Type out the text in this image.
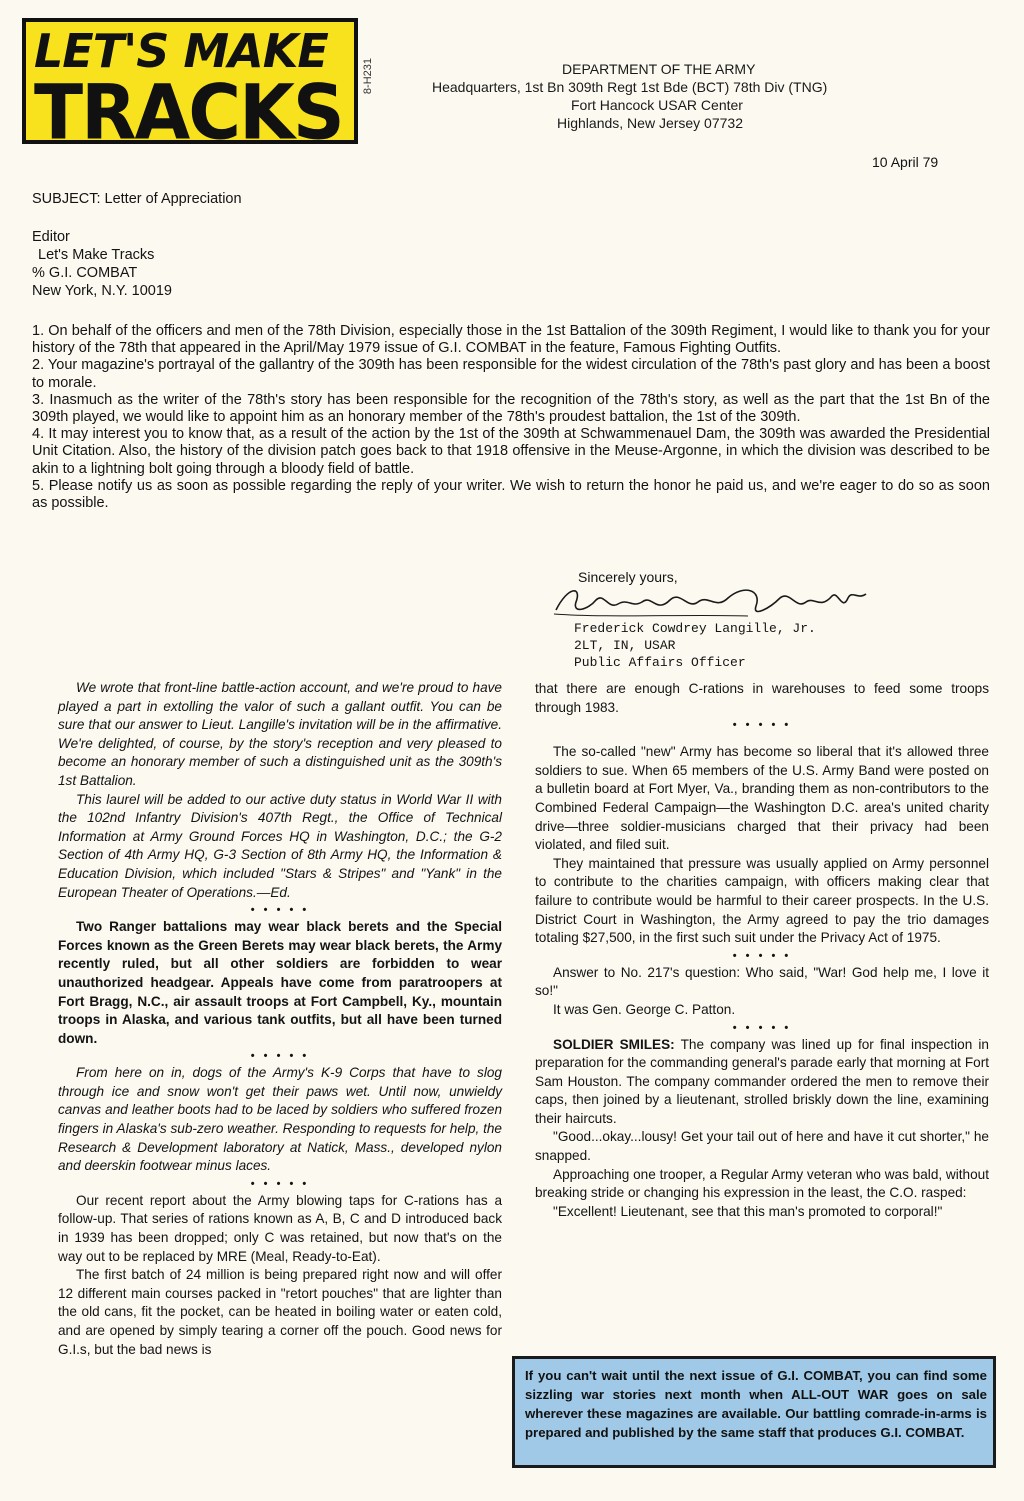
LET'S MAKE
TRACKS 8-H231	DEPARTMENT OF THE ARMY
Headquarters, 1st Bn 309th Regt 1st Bde (BCT) 78th Div (TNG)
Fort Hancock USAR Center
Highlands, New Jersey 07732
10 April 79
SUBJECT: Letter of Appreciation
Editor
Let's Make Tracks
% G.I. COMBAT
New York, N.Y. 10019

1. On behalf of the officers and men of the 78th Division, especially those in the 1st Battalion of the 309th Regiment, I would like to thank you for your history of the 78th that appeared in the April/May 1979 issue of G.I. COMBAT in the feature, Famous Fighting Outfits.

2. Your magazine's portrayal of the gallantry of the 309th has been responsible for the widest circulation of the 78th's past glory and has been a boost to morale.

3. Inasmuch as the writer of the 78th's story has been responsible for the recognition of the 78th's story, as well as the part that the 1st Bn of the 309th played, we would like to appoint him as an honorary member of the 78th's proudest battalion, the 1st of the 309th.

4. It may interest you to know that, as a result of the action by the 1st of the 309th at Schwammenauel Dam, the 309th was awarded the Presidential Unit Citation. Also, the history of the division patch goes back to that 1918 offensive in the Meuse-Argonne, in which the division was described to be akin to a lightning bolt going through a bloody field of battle.

5. Please notify us as soon as possible regarding the reply of your writer. We wish to return the honor he paid us, and we're eager to do so as soon as possible.

Sincerely yours,
Frederick Cowdrey Langille, Jr.
2LT, IN, USAR
Public Affairs Officer

We wrote that front-line battle-action account, and we're proud to have played a part in extolling the valor of such a gallant outfit. You can be sure that our answer to Lieut. Langille's invitation will be in the affirmative. We're delighted, of course, by the story's reception and very pleased to become an honorary member of such a distinguished unit as the 309th's 1st Battalion.

This laurel will be added to our active duty status in World War II with the 102nd Infantry Division's 407th Regt., the Office of Technical Information at Army Ground Forces HQ in Washington, D.C.; the G-2 Section of 4th Army HQ, G-3 Section of 8th Army HQ, the Information & Education Division, which included "Stars & Stripes" and "Yank" in the European Theater of Operations.—Ed.

• • • • •

Two Ranger battalions may wear black berets and the Special Forces known as the Green Berets may wear black berets, the Army recently ruled, but all other soldiers are forbidden to wear unauthorized headgear. Appeals have come from paratroopers at Fort Bragg, N.C., air assault troops at Fort Campbell, Ky., mountain troops in Alaska, and various tank outfits, but all have been turned down.

• • • • •

From here on in, dogs of the Army's K-9 Corps that have to slog through ice and snow won't get their paws wet. Until now, unwieldy canvas and leather boots had to be laced by soldiers who suffered frozen fingers in Alaska's sub-zero weather. Responding to requests for help, the Research & Development laboratory at Natick, Mass., developed nylon and deerskin footwear minus laces.

• • • • •

Our recent report about the Army blowing taps for C-rations has a follow-up. That series of rations known as A, B, C and D introduced back in 1939 has been dropped; only C was retained, but now that's on the way out to be replaced by MRE (Meal, Ready-to-Eat).

The first batch of 24 million is being prepared right now and will offer 12 different main courses packed in "retort pouches" that are lighter than the old cans, fit the pocket, can be heated in boiling water or eaten cold, and are opened by simply tearing a corner off the pouch. Good news for G.I.s, but the bad news is

that there are enough C-rations in warehouses to feed some troops through 1983.

• • • • •

The so-called "new" Army has become so liberal that it's allowed three soldiers to sue. When 65 members of the U.S. Army Band were posted on a bulletin board at Fort Myer, Va., branding them as non-contributors to the Combined Federal Campaign—the Washington D.C. area's united charity drive—three soldier-musicians charged that their privacy had been violated, and filed suit.

They maintained that pressure was usually applied on Army personnel to contribute to the charities campaign, with officers making clear that failure to contribute would be harmful to their career prospects. In the U.S. District Court in Washington, the Army agreed to pay the trio damages totaling $27,500, in the first such suit under the Privacy Act of 1975.

• • • • •

Answer to No. 217's question: Who said, "War! God help me, I love it so!"

It was Gen. George C. Patton.

• • • • •

SOLDIER SMILES: The company was lined up for final inspection in preparation for the commanding general's parade early that morning at Fort Sam Houston. The company commander ordered the men to remove their caps, then joined by a lieutenant, strolled briskly down the line, examining their haircuts.

"Good...okay...lousy! Get your tail out of here and have it cut shorter," he snapped.

Approaching one trooper, a Regular Army veteran who was bald, without breaking stride or changing his expression in the least, the C.O. rasped:

"Excellent! Lieutenant, see that this man's promoted to corporal!"

If you can't wait until the next issue of G.I. COMBAT, you can find some sizzling war stories next month when ALL-OUT WAR goes on sale wherever these magazines are available. Our battling comrade-in-arms is prepared and published by the same staff that produces G.I. COMBAT.
